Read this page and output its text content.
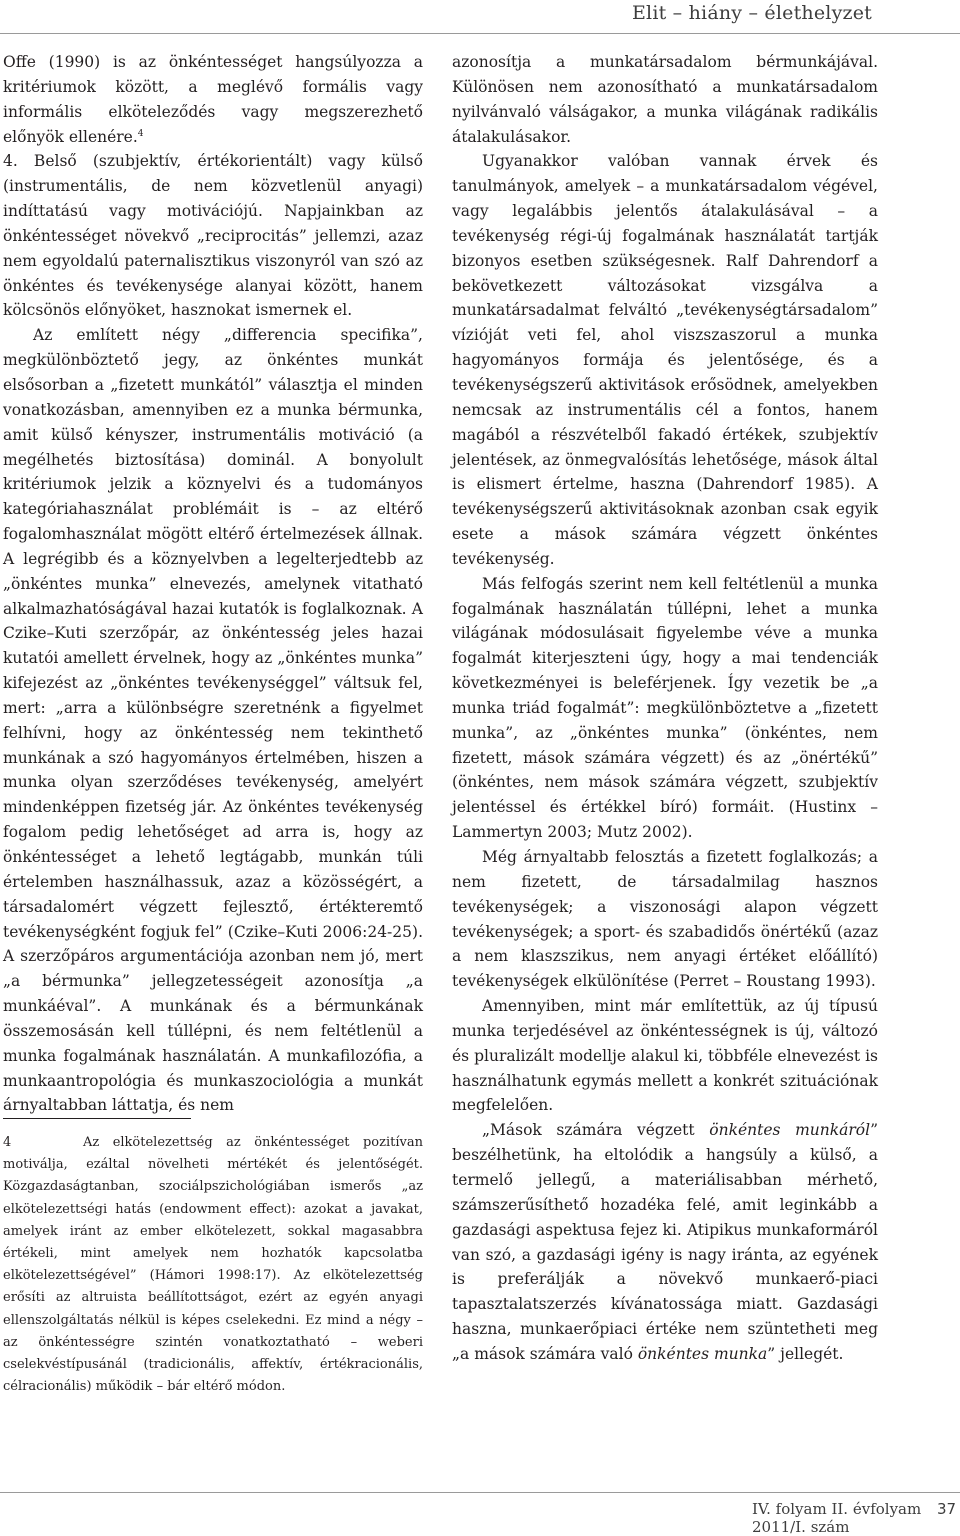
Elit – hiány – élethelyzet

Offe (1990) is az önkéntességet hangsúlyozza a kritériumok között, a meglévő formális vagy informális elköteleződés vagy megszerezhető előnyök ellenére.$^4$

4. Belső (szubjektív, értékorientált) vagy külső (instrumentális, de nem közvetlenül anyagi) indíttatású vagy motivációjú. Napjainkban az önkéntességet növekvő „reciprocitás” jellemzi, azaz nem egyoldalú paternalisztikus viszonyról van szó az önkéntes és tevékenysége alanyai között, hanem kölcsönös előnyöket, hasznokat ismernek el.

Az említett négy „differencia specifika”, megkülönböztető jegy, az önkéntes munkát elsősorban a „fizetett munkától” választja el minden vonatkozásban, amennyiben ez a munka bérmunka, amit külső kényszer, instrumentális motiváció (a megélhetés biztosítása) dominál. A bonyolult kritériumok jelzik a köznyelvi és a tudományos kategóriahasználat problémáit is – az eltérő fogalomhasználat mögött eltérő értelmezések állnak. A legrégibb és a köznyelvben a legelterjedtebb az „önkéntes munka” elnevezés, amelynek vitatható alkalmazhatóságával hazai kutatók is foglalkoznak. A Czike–Kuti szerzőpár, az önkéntesség jeles hazai kutatói amellett érvelnek, hogy az „önkéntes munka” kifejezést az „önkéntes tevékenységgel” váltsuk fel, mert: „arra a különbségre szeretnénk a figyelmet felhívni, hogy az önkéntesség nem tekinthető munkának a szó hagyományos értelmében, hiszen a munka olyan szerződéses tevékenység, amelyért mindenképpen fizetség jár. Az önkéntes tevékenység fogalom pedig lehetőséget ad arra is, hogy az önkéntességet a lehető legtágabb, munkán túli értelemben használhassuk, azaz a közösségért, a társadalomért végzett fejlesztő, értékteremtő tevékenységként fogjuk fel” (Czike–Kuti 2006:24-25). A szerzőpáros argumentációja azonban nem jó, mert „a bérmunka” jellegzetességeit azonosítja „a munkáéval”. A munkának és a bérmunkának összemosásán kell túllépni, és nem feltétlenül a munka fogalmának használatán. A munkafilozófia, a munkaantropológia és munkaszociológia a munkát árnyaltabban láttatja, és nem

4	Az elkötelezettség az önkéntességet pozitívan motiválja, ezáltal növelheti mértékét és jelentőségét. Közgazdaságtanban, szociálpszichológiában ismerős „az elkötelezettségi hatás (endowment effect): azokat a javakat, amelyek iránt az ember elkötelezett, sokkal magasabbra értékeli, mint amelyek nem hozhatók kapcsolatba elkötelezettségével” (Hámori 1998:17). Az elkötelezettség erősíti az altruista beállítottságot, ezért az egyén anyagi ellenszolgáltatás nélkül is képes cselekedni. Ez mind a négy – az önkéntességre szintén vonatkoztatható – weberi cselekvéstípusánál (tradicionális, affektív, értékracionális, célracionális) működik – bár eltérő módon.

azonosítja a munkatársadalom bérmunkájával. Különösen nem azonosítható a munkatársadalom nyilvánvaló válságakor, a munka világának radikális átalakulásakor.

Ugyanakkor valóban vannak érvek és tanulmányok, amelyek – a munkatársadalom végével, vagy legalábbis jelentős átalakulásával – a tevékenység régi-új fogalmának használatát tartják bizonyos esetben szükségesnek. Ralf Dahrendorf a bekövetkezett változásokat vizsgálva a munkatársadalmat felváltó „tevékenységtársadalom” vízióját veti fel, ahol viszszaszorul a munka hagyományos formája és jelentősége, és a tevékenységszerű aktivitások erősödnek, amelyekben nemcsak az instrumentális cél a fontos, hanem magából a részvételből fakadó értékek, szubjektív jelentések, az önmegvalósítás lehetősége, mások által is elismert értelme, haszna (Dahrendorf 1985). A tevékenységszerű aktivitásoknak azonban csak egyik esete a mások számára végzett önkéntes tevékenység.

Más felfogás szerint nem kell feltétlenül a munka fogalmának használatán túllépni, lehet a munka világának módosulásait figyelembe véve a munka fogalmát kiterjeszteni úgy, hogy a mai tendenciák következményei is beleférjenek. Így vezetik be „a munka triád fogalmát”: megkülönböztetve a „fizetett munka”, az „önkéntes munka” (önkéntes, nem fizetett, mások számára végzett) és az „önértékű” (önkéntes, nem mások számára végzett, szubjektív jelentéssel és értékkel bíró) formáit. (Hustinx – Lammertyn 2003; Mutz 2002).

Még árnyaltabb felosztás a fizetett foglalkozás; a nem fizetett, de társadalmilag hasznos tevékenységek; a viszonosági alapon végzett tevékenységek; a sport- és szabadidős önértékű (azaz a nem klaszszikus, nem anyagi értéket előállító) tevékenységek elkülönítése (Perret – Roustang 1993).

Amennyiben, mint már említettük, az új típusú munka terjedésével az önkéntességnek is új, változó és pluralizált modellje alakul ki, többféle elnevezést is használhatunk egymás mellett a konkrét szituációnak megfelelően.

„Mások számára végzett önkéntes munkáról” beszélhetünk, ha eltolódik a hangsúly a külső, a termelő jellegű, a materiálisabban mérhető, számszerűsíthető hozadéka felé, amit leginkább a gazdasági aspektusa fejez ki. Atipikus munkaformáról van szó, a gazdasági igény is nagy iránta, az egyének is preferálják a növekvő munkaerő-piaci tapasztalatszerzés kívánatossága miatt. Gazdasági haszna, munkaerőpiaci értéke nem szüntetheti meg „a mások számára való önkéntes munka” jellegét.

IV. folyam II. évfolyam 2011/I. szám
37
